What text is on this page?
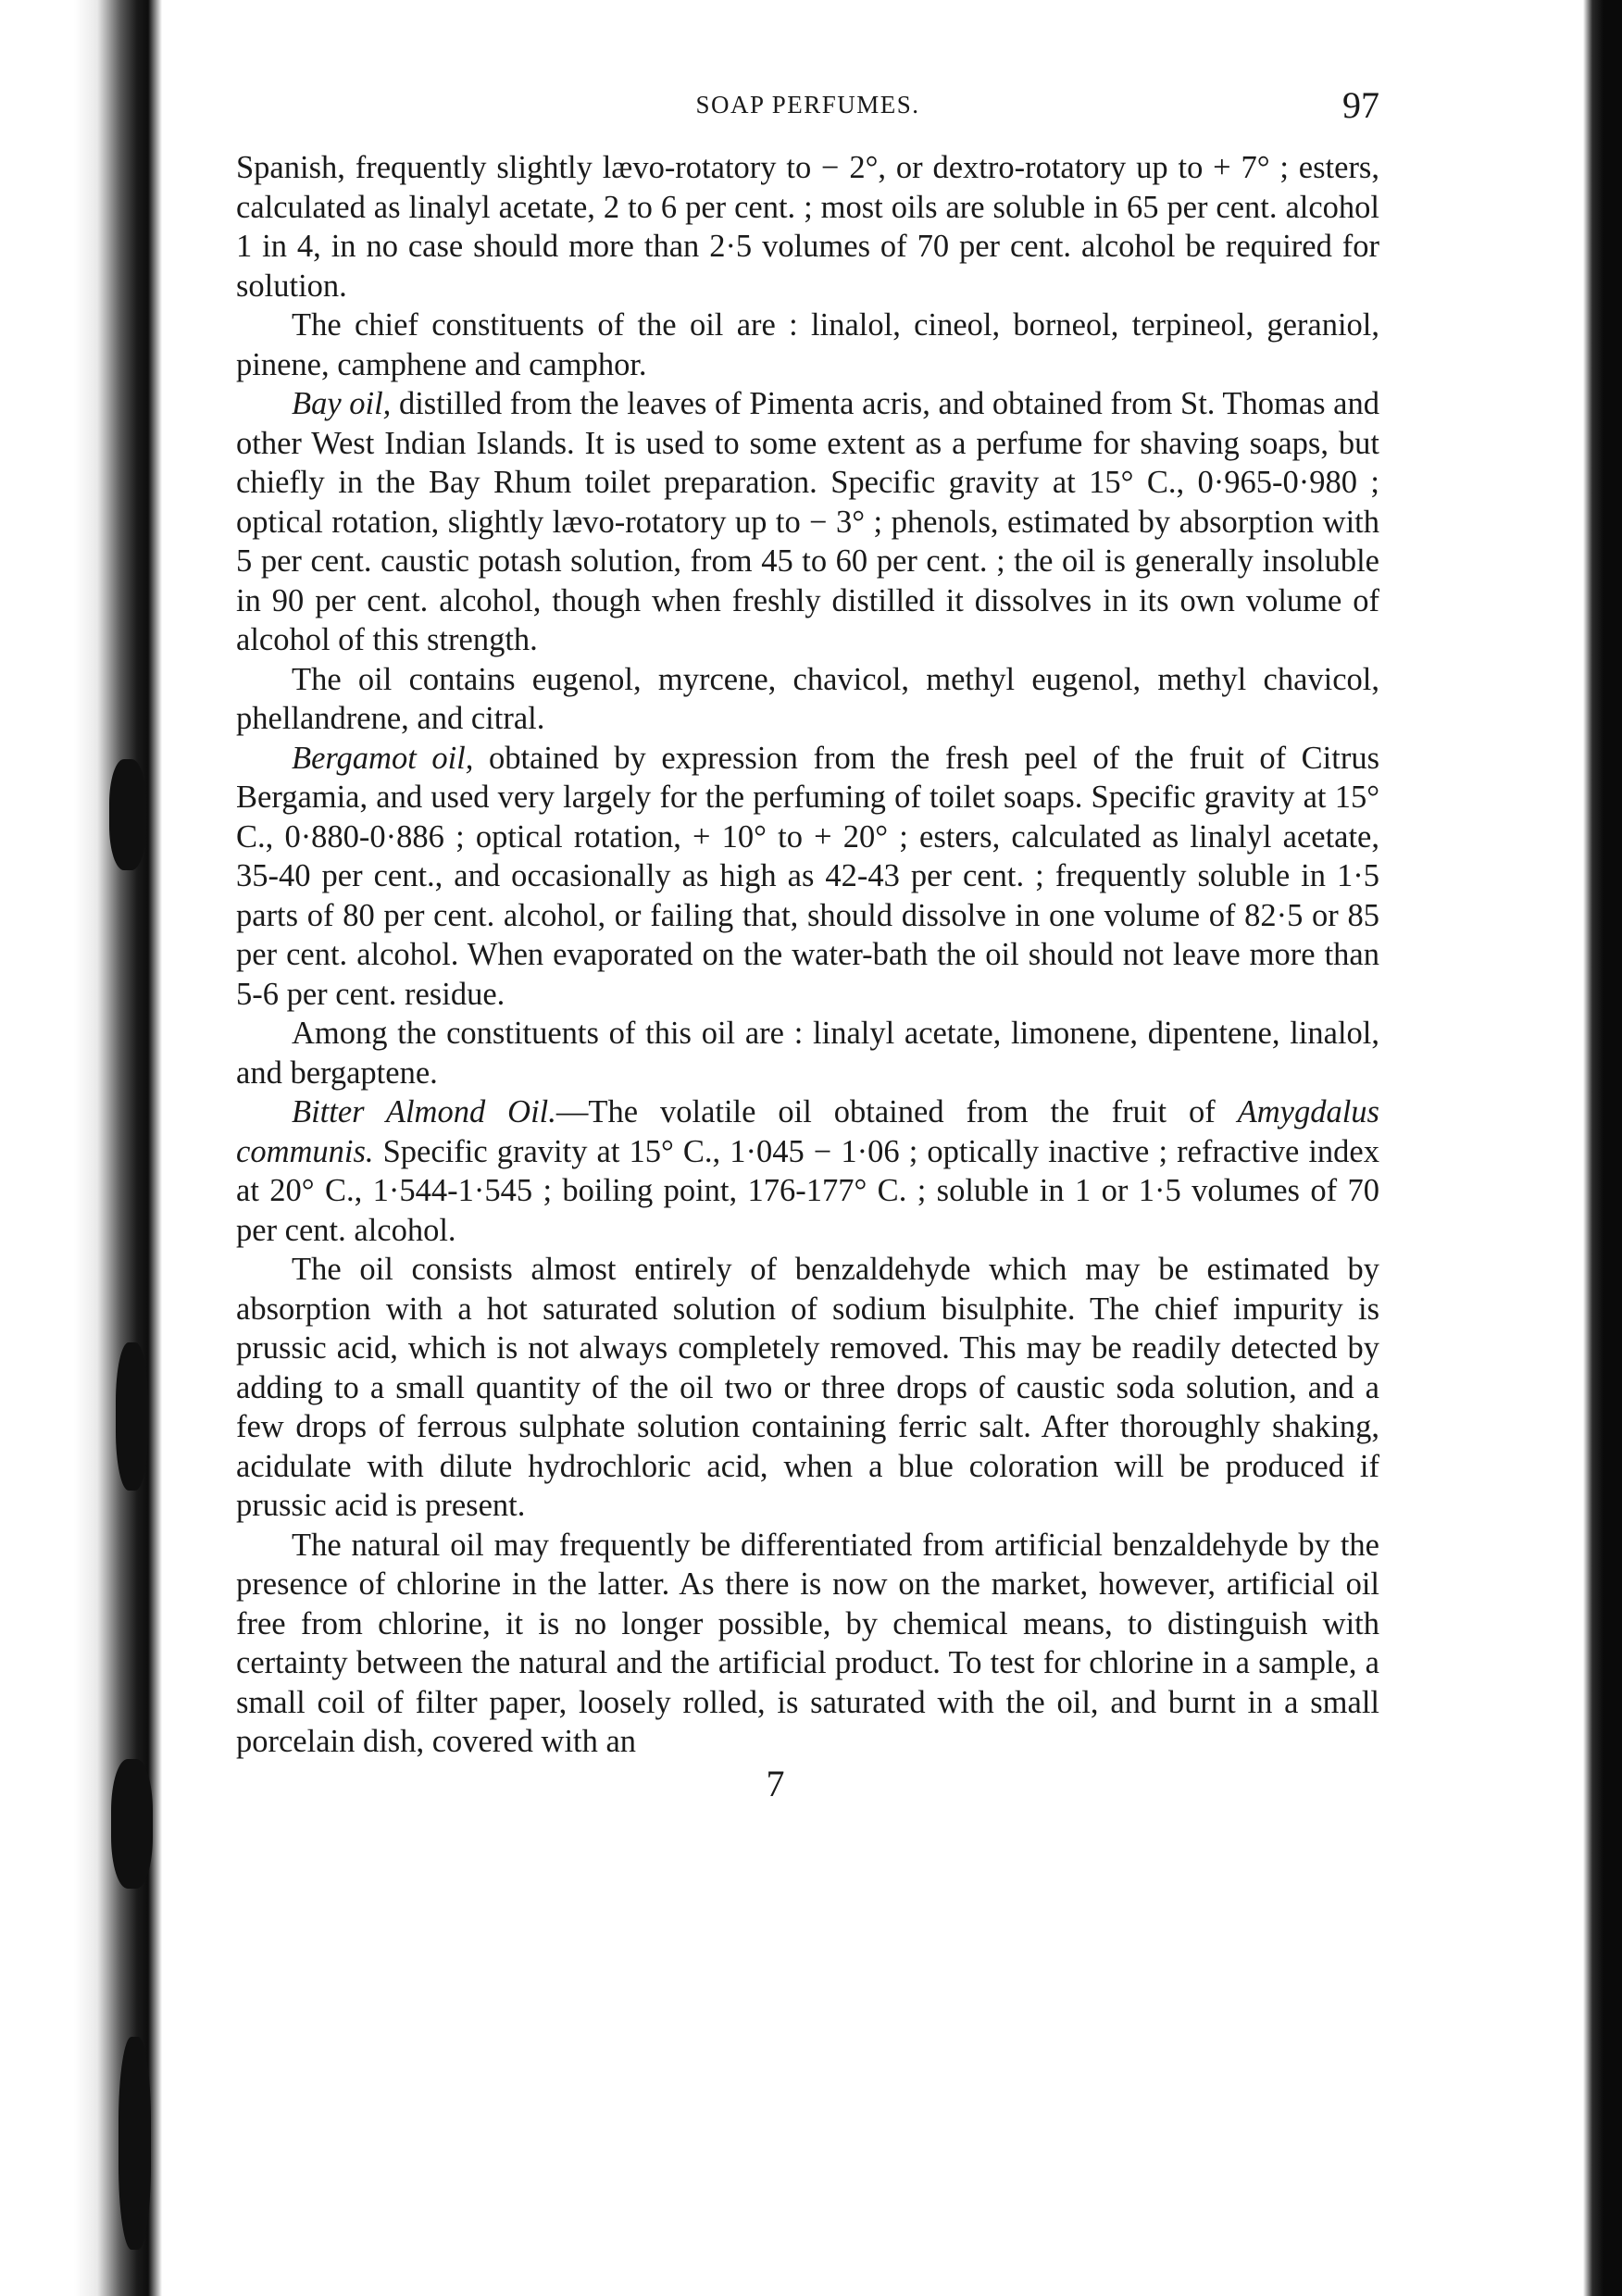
SOAP PERFUMES.	97

Spanish, frequently slightly lævo-rotatory to − 2°, or dextro-rotatory up to + 7° ; esters, calculated as linalyl acetate, 2 to 6 per cent. ; most oils are soluble in 65 per cent. alcohol 1 in 4, in no case should more than 2·5 volumes of 70 per cent. alcohol be required for solution.

The chief constituents of the oil are : linalol, cineol, borneol, terpineol, geraniol, pinene, camphene and camphor.

Bay oil, distilled from the leaves of Pimenta acris, and obtained from St. Thomas and other West Indian Islands. It is used to some extent as a perfume for shaving soaps, but chiefly in the Bay Rhum toilet preparation. Specific gravity at 15° C., 0·965-0·980 ; optical rotation, slightly lævo-rotatory up to − 3° ; phenols, estimated by absorption with 5 per cent. caustic potash solution, from 45 to 60 per cent. ; the oil is generally insoluble in 90 per cent. alcohol, though when freshly distilled it dissolves in its own volume of alcohol of this strength.

The oil contains eugenol, myrcene, chavicol, methyl eugenol, methyl chavicol, phellandrene, and citral.

Bergamot oil, obtained by expression from the fresh peel of the fruit of Citrus Bergamia, and used very largely for the perfuming of toilet soaps. Specific gravity at 15° C., 0·880-0·886 ; optical rotation, + 10° to + 20° ; esters, calculated as linalyl acetate, 35-40 per cent., and occasionally as high as 42-43 per cent. ; frequently soluble in 1·5 parts of 80 per cent. alcohol, or failing that, should dissolve in one volume of 82·5 or 85 per cent. alcohol. When evaporated on the water-bath the oil should not leave more than 5-6 per cent. residue.

Among the constituents of this oil are : linalyl acetate, limonene, dipentene, linalol, and bergaptene.

Bitter Almond Oil.—The volatile oil obtained from the fruit of Amygdalus communis. Specific gravity at 15° C., 1·045 − 1·06 ; optically inactive ; refractive index at 20° C., 1·544-1·545 ; boiling point, 176-177° C. ; soluble in 1 or 1·5 volumes of 70 per cent. alcohol.

The oil consists almost entirely of benzaldehyde which may be estimated by absorption with a hot saturated solution of sodium bisulphite. The chief impurity is prussic acid, which is not always completely removed. This may be readily detected by adding to a small quantity of the oil two or three drops of caustic soda solution, and a few drops of ferrous sulphate solution containing ferric salt. After thoroughly shaking, acidulate with dilute hydrochloric acid, when a blue coloration will be produced if prussic acid is present.

The natural oil may frequently be differentiated from artificial benzaldehyde by the presence of chlorine in the latter. As there is now on the market, however, artificial oil free from chlorine, it is no longer possible, by chemical means, to distinguish with certainty between the natural and the artificial product. To test for chlorine in a sample, a small coil of filter paper, loosely rolled, is saturated with the oil, and burnt in a small porcelain dish, covered with an

7
